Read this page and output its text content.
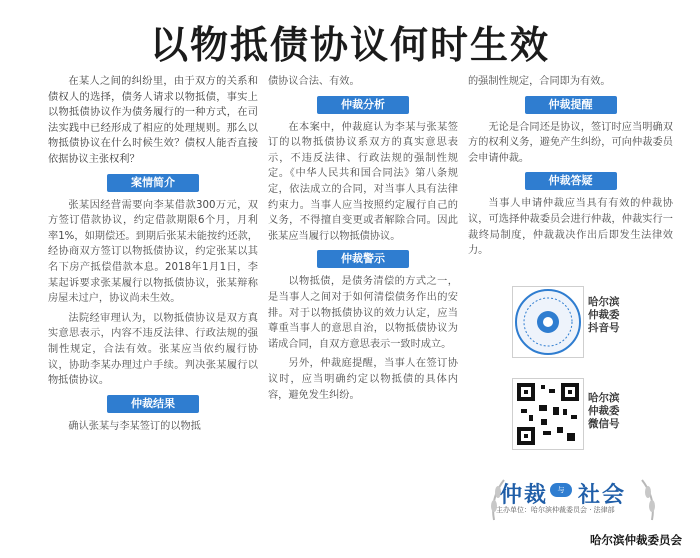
以物抵债协议何时生效

在某人之间的纠纷里，由于双方的关系和债权人的选择，债务人请求以物抵债，事实上以物抵债协议作为债务履行的一种方式，在司法实践中已经形成了相应的处理规则。那么以物抵债协议在什么时候生效？债权人能否直接依据协议主张权利？

案情简介

张某因经营需要向李某借款300万元，双方签订借款协议，约定借款期限6个月，月利率1%，如期偿还。到期后张某未能按约还款，经协商双方签订以物抵债协议，约定张某以其名下房产抵偿借款本息。2018年1月1日，李某起诉要求张某履行以物抵债协议，张某辩称房屋未过户，协议尚未生效。

法院经审理认为，以物抵债协议是双方真实意思表示，内容不违反法律、行政法规的强制性规定，合法有效。张某应当依约履行协议，协助李某办理过户手续。判决张某履行以物抵债协议。

仲裁结果

确认张某与李某签订的以物抵

债协议合法、有效。

仲裁分析

在本案中，仲裁庭认为李某与张某签订的以物抵债协议系双方的真实意思表示，不违反法律、行政法规的强制性规定。《中华人民共和国合同法》第八条规定，依法成立的合同，对当事人具有法律约束力。当事人应当按照约定履行自己的义务，不得擅自变更或者解除合同。因此张某应当履行以物抵债协议。

仲裁警示

以物抵债，是债务清偿的方式之一，是当事人之间对于如何清偿债务作出的安排。对于以物抵债协议的效力认定，应当尊重当事人的意思自治，以物抵债协议为诺成合同，自双方意思表示一致时成立。

另外，仲裁庭提醒，当事人在签订协议时，应当明确约定以物抵债的具体内容，避免发生纠纷。

的强制性规定，合同即为有效。

仲裁提醒

无论是合同还是协议，签订时应当明确双方的权利义务，避免产生纠纷，可向仲裁委员会申请仲裁。

仲裁答疑

当事人申请仲裁应当具有有效的仲裁协议，可选择仲裁委员会进行仲裁，仲裁实行一裁终局制度，仲裁裁决作出后即发生法律效力。

哈尔滨
仲裁委
抖音号
哈尔滨
仲裁委
微信号
仲裁 社会
与
主办单位：哈尔滨仲裁委员会 · 法律部
哈尔滨仲裁委员会
